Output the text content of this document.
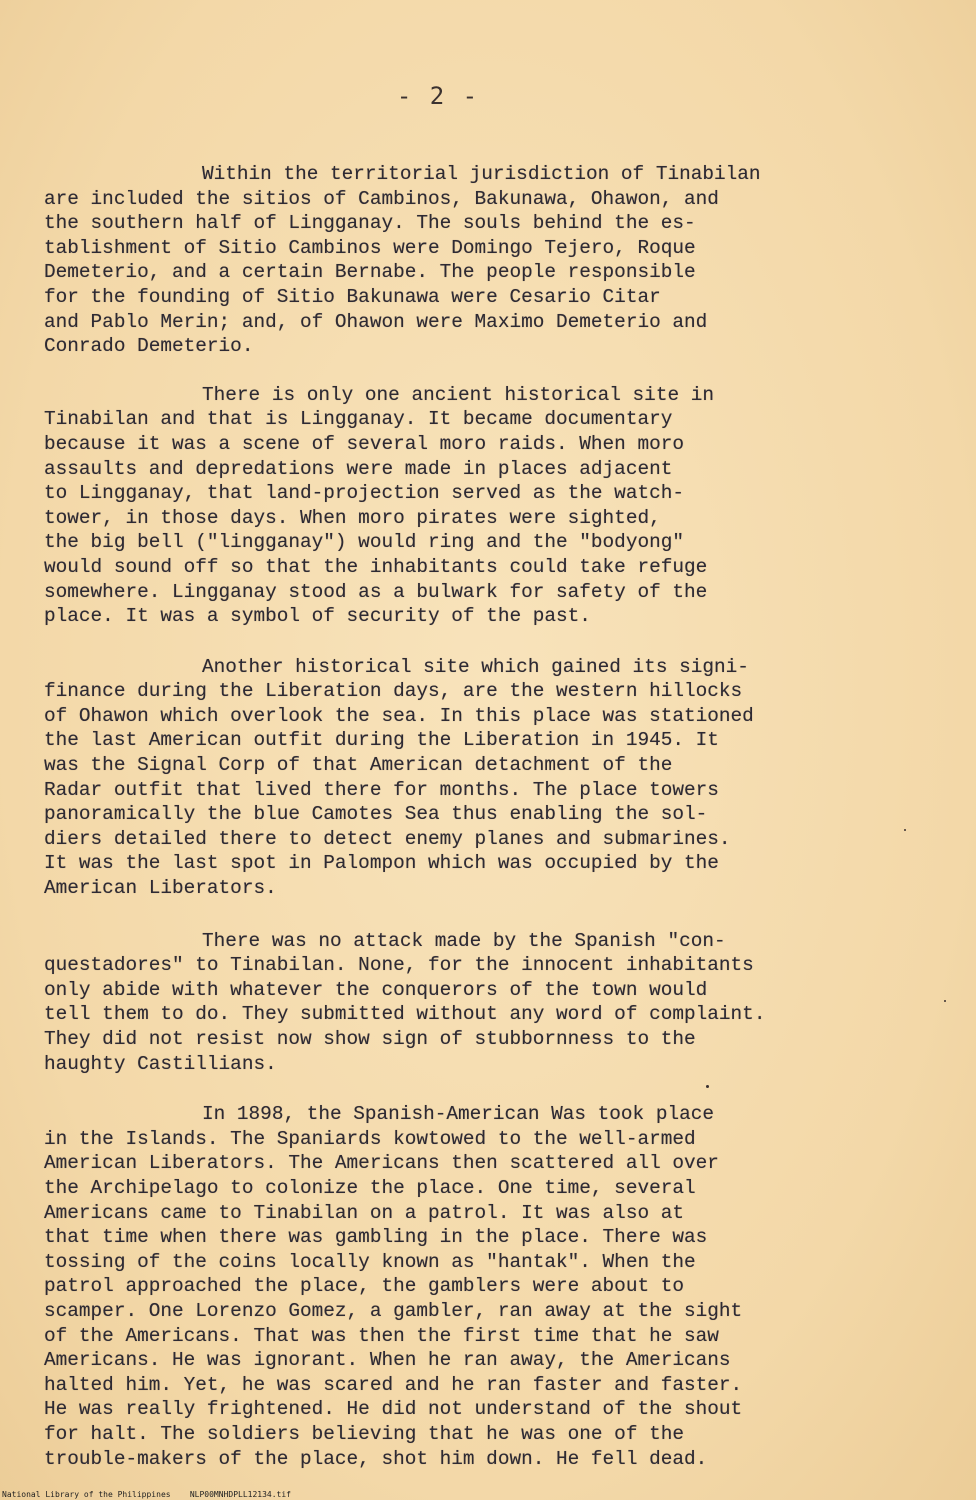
- 2 -
Within the territorial jurisdiction of Tinabilan
are included the sitios of Cambinos, Bakunawa, Ohawon, and
the southern half of Lingganay. The souls behind the es-
tablishment of Sitio Cambinos were Domingo Tejero, Roque
Demeterio, and a certain Bernabe. The people responsible
for the founding of Sitio Bakunawa were Cesario Citar
and Pablo Merin; and, of Ohawon were Maximo Demeterio and
Conrado Demeterio.
There is only one ancient historical site in
Tinabilan and that is Lingganay. It became documentary
because it was a scene of several moro raids. When moro
assaults and depredations were made in places adjacent
to Lingganay, that land-projection served as the watch-
tower, in those days. When moro pirates were sighted,
the big bell ("lingganay") would ring and the "bodyong"
would sound off so that the inhabitants could take refuge
somewhere. Lingganay stood as a bulwark for safety of the
place. It was a symbol of security of the past.
Another historical site which gained its signi-
finance during the Liberation days, are the western hillocks
of Ohawon which overlook the sea. In this place was stationed
the last American outfit during the Liberation in 1945. It
was the Signal Corp of that American detachment of the
Radar outfit that lived there for months. The place towers
panoramically the blue Camotes Sea thus enabling the sol-
diers detailed there to detect enemy planes and submarines.
It was the last spot in Palompon which was occupied by the
American Liberators.
There was no attack made by the Spanish "con-
questadores" to Tinabilan. None, for the innocent inhabitants
only abide with whatever the conquerors of the town would
tell them to do. They submitted without any word of complaint.
They did not resist now show sign of stubbornness to the
haughty Castillians.
In 1898, the Spanish-American Was took place
in the Islands. The Spaniards kowtowed to the well-armed
American Liberators. The Americans then scattered all over
the Archipelago to colonize the place. One time, several
Americans came to Tinabilan on a patrol. It was also at
that time when there was gambling in the place. There was
tossing of the coins locally known as "hantak". When the
patrol approached the place, the gamblers were about to
scamper. One Lorenzo Gomez, a gambler, ran away at the sight
of the Americans. That was then the first time that he saw
Americans. He was ignorant. When he ran away, the Americans
halted him. Yet, he was scared and he ran faster and faster.
He was really frightened. He did not understand of the shout
for halt. The soldiers believing that he was one of the
trouble-makers of the place, shot him down. He fell dead.
National Library of the Philippines    NLP00MNHDPLL12134.tif
